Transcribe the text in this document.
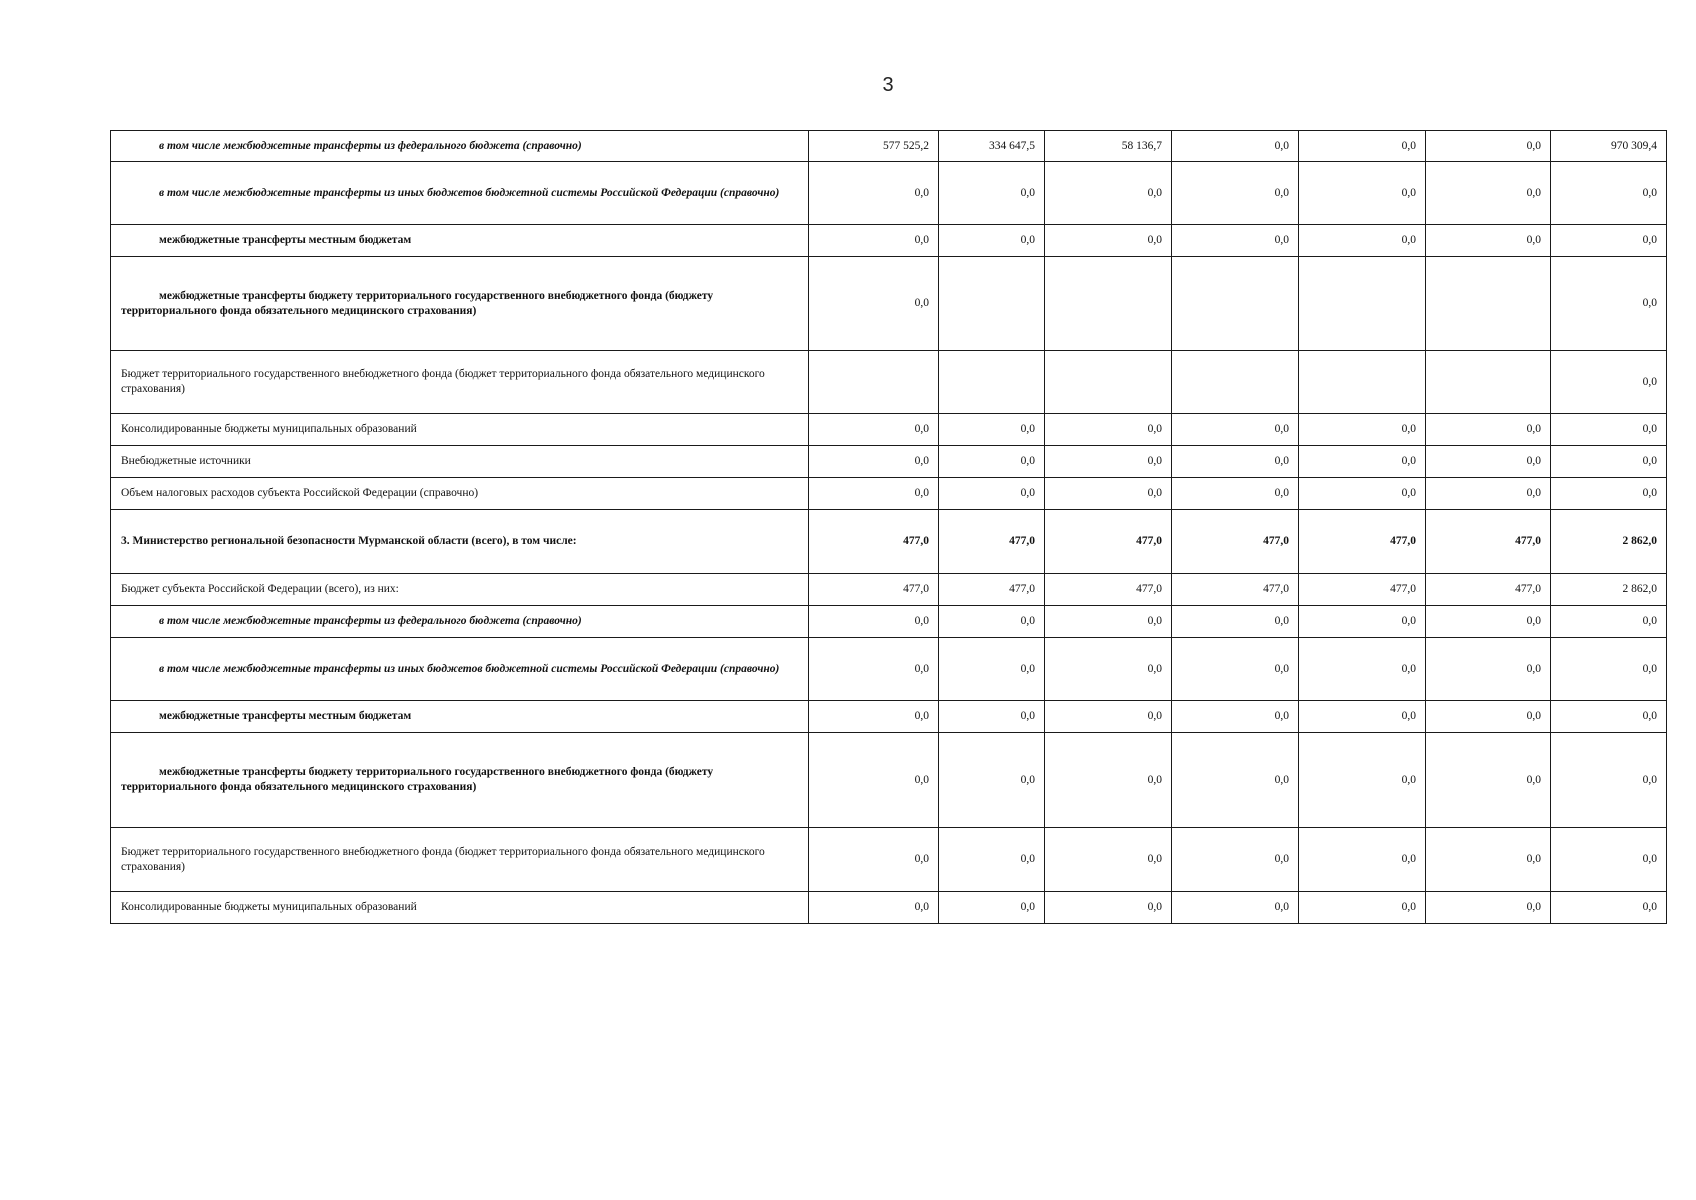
3
в том числе межбюджетные трансферты из федерального бюджета (справочно)	577 525,2	334 647,5	58 136,7	0,0	0,0	0,0	970 309,4
в том числе межбюджетные трансферты из иных бюджетов бюджетной системы Российской Федерации (справочно)	0,0	0,0	0,0	0,0	0,0	0,0	0,0
межбюджетные трансферты местным бюджетам	0,0	0,0	0,0	0,0	0,0	0,0	0,0
межбюджетные трансферты бюджету территориального государственного внебюджетного фонда (бюджету территориального фонда обязательного медицинского страхования)	0,0						0,0
Бюджет территориального государственного внебюджетного фонда (бюджет территориального фонда обязательного медицинского страхования)							0,0
Консолидированные бюджеты муниципальных образований	0,0	0,0	0,0	0,0	0,0	0,0	0,0
Внебюджетные источники	0,0	0,0	0,0	0,0	0,0	0,0	0,0
Объем налоговых расходов субъекта Российской Федерации (справочно)	0,0	0,0	0,0	0,0	0,0	0,0	0,0
3. Министерство региональной безопасности Мурманской области (всего), в том числе:	477,0	477,0	477,0	477,0	477,0	477,0	2 862,0
Бюджет субъекта Российской Федерации (всего), из них:	477,0	477,0	477,0	477,0	477,0	477,0	2 862,0
в том числе межбюджетные трансферты из федерального бюджета (справочно)	0,0	0,0	0,0	0,0	0,0	0,0	0,0
в том числе межбюджетные трансферты из иных бюджетов бюджетной системы Российской Федерации (справочно)	0,0	0,0	0,0	0,0	0,0	0,0	0,0
межбюджетные трансферты местным бюджетам	0,0	0,0	0,0	0,0	0,0	0,0	0,0
межбюджетные трансферты бюджету территориального государственного внебюджетного фонда (бюджету территориального фонда обязательного медицинского страхования)	0,0	0,0	0,0	0,0	0,0	0,0	0,0
Бюджет территориального государственного внебюджетного фонда (бюджет территориального фонда обязательного медицинского страхования)	0,0	0,0	0,0	0,0	0,0	0,0	0,0
Консолидированные бюджеты муниципальных образований	0,0	0,0	0,0	0,0	0,0	0,0	0,0
